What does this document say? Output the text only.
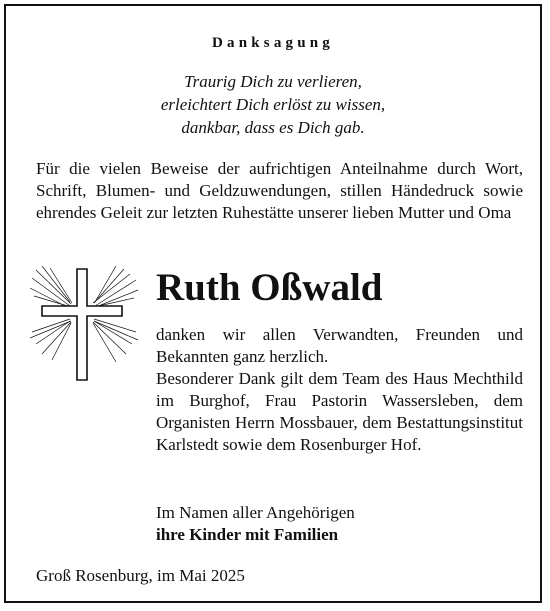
Danksagung
Traurig Dich zu verlieren,
erleichtert Dich erlöst zu wissen,
dankbar, dass es Dich gab.

Für die vielen Beweise der aufrichtigen Anteilnahme durch Wort, Schrift, Blumen- und Geldzuwendungen, stillen Händedruck sowie ehrendes Geleit zur letzten Ruhestätte unserer lieben Mutter und Oma

Ruth Oßwald

danken wir allen Verwandten, Freunden und Bekannten ganz herzlich.

Besonderer Dank gilt dem Team des Haus Mechthild im Burghof, Frau Pastorin Wassersleben, dem Organisten Herrn Mossbauer, dem Bestattungsinstitut Karlstedt sowie dem Rosenburger Hof.

Im Namen aller Angehörigen
ihre Kinder mit Familien
Groß Rosenburg, im Mai 2025
